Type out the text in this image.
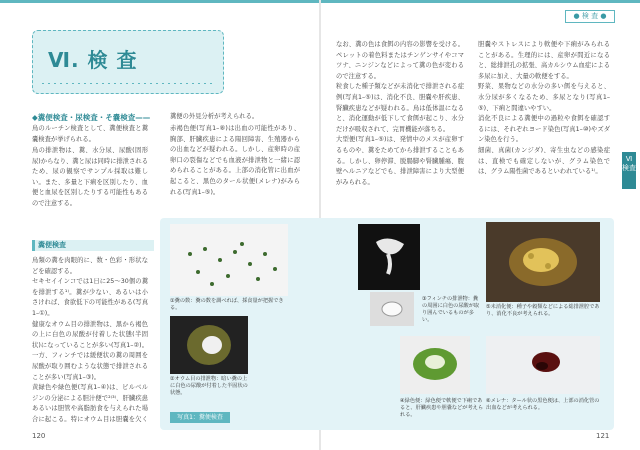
● 検 査 ●
Ⅵ. 検 査
◆糞便検査・尿検査・そ嚢検査——
鳥のルーチン検査として、糞便検査と糞嚢検査が挙げられる。
鳥の排泄物は、糞、水分尿、尿酸(固形尿)からなり、糞と尿は同時に排泄されるため、尿の観察でサンプル採取は難しい。また、多量と下痢を区別したり、血便と血尿を区別したりする可能性もあるので注意する。
糞便の外見分析が考えられる。
赤褐色便(写真1–⑧)は出血の可能性があり、胸部、肝臓疾患による陽回障害、生殖器からの出血などが疑われる。しかし、産卵時の産卵口の裂傷などでも血液が排泄物と一緒に認められることがある。上部の消化管に出血が起こると、黒色のタール状便(メレナ)がみられる(写真1–⑤)。
糞便検査
鳥類の糞を肉眼的に、数・色彩・形状などを確認する。
セキセイインコでは1日に25〜30個の糞を排泄する¹⁾。糞が少ない、あるいは小さければ、食欲低下の可能性がある(写真1–①)。
健康なオウム目の排泄物は、黒から褐色の上に白色の尿酸が付着した状態(半固状)になっていることが多い(写真1–②)。一方、フィンチでは緩便状の糞の周囲を尿酸が取り囲むような状態で排泄されることが多い(写真1–③)。
黄緑色や緑色便(写真1–④)は、ビルベルジンの分泌による胆汁便で²⁾³⁾、肝臓疾患あるいは胆管や高脂肪食を与えられた場合に起こる。特にオウム目は胆嚢を欠く

なお、糞の色は食餌の内容の影響を受ける。ペレットの着色料またはチンゲンサイやコマツナ、ニンジンなどによって糞の色が変わるので注意する。
粒食した種子類などが未消化で排泄される症例(写真1–⑤)は、消化不良、胆嚢や肝疾患、腎臓疾患などが疑われる。鳥は低体温になると、消化運動が低下して食餌が起こり、水分だけが吸収されて、完胃機能が落ちる。
大型便(写真1–⑤)は、発情中のメスが産卵するものや、糞をためてから排泄することもある。しかし、卵停滞、脱腸脚や腎臓腫瘍、腹壁ヘルニアなどでも、排泄障害により大型便がみられる。
胆嚢やストレスにより軟便や下痢がみられることがある。生理的には、産卵が間近になると、総排泄孔の拡張、高カルシウム血症による多尿に加え、大量の軟便をする。
野菜、果物などの水分の多い餌を与えると、水分尿が多くなるため、多尿となり(写真1–⑤)、下痢と間違いやすい。
消化不良による糞便中の過粒や食餌を確認するには、それぞれヨード染色(写真1–⑩)やズダン染色を行う。
細菌、真菌(カンジダ)、寄生虫などの感染症は、直検でも確定しないが、グラム染色では、グラム陽性菌であるといわれている¹⁾。
Ⅵ 検査
①糞の数：糞の数を調べれば、採食量が把握できる。
②オウム目の排泄物：暗い糞の上に白色の尿酸が付着した半固状の状態。
③フィンチの排泄物：糞の周囲に白色の尿酸が取り囲んでいるものが多い。
④緑色便：緑色便で軟便で下痢であると、肝臓疾患や胆嚢などが考えられる。
⑤未消化便：種子や穀類などによる総排泄腔であり、消化不良が考えられる。
⑥メレナ：タール状の黒色便は、上部の消化管の出血などが考えられる。
写真1：糞便検査
120	121
